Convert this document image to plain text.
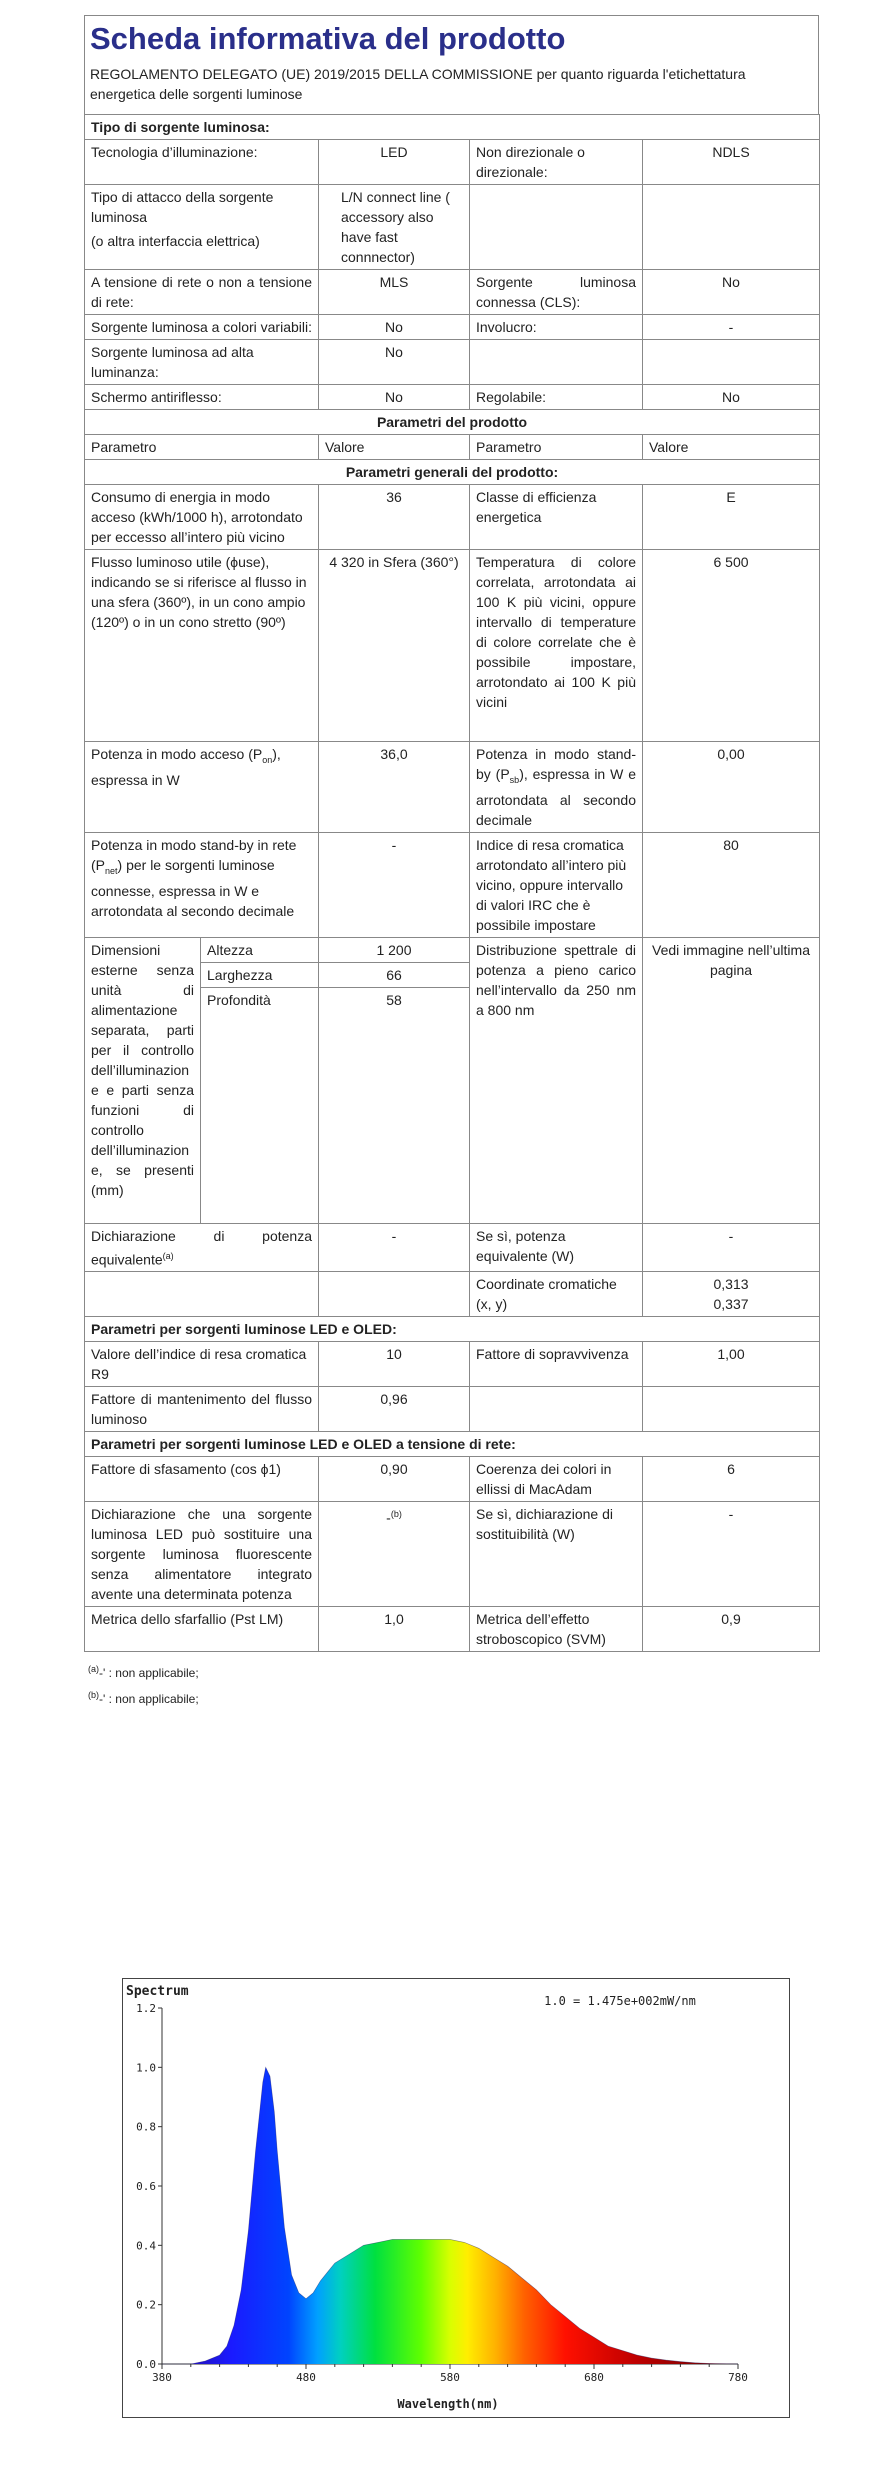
Scheda informativa del prodotto
REGOLAMENTO DELEGATO (UE) 2019/2015 DELLA COMMISSIONE per quanto riguarda l'etichettatura energetica delle sorgenti luminose
Tipo di sorgente luminosa:				
Tecnologia d’illuminazione:		LED	Non direzionale o direzionale:	NDLS

Tipo di attacco della sorgente luminosa
(o altra interfaccia elettrica)		L/N connect line ( accessory also have fast connnector)		
A tensione di rete o non a tensione di rete:		MLS	Sorgente luminosa connessa (CLS):	No
Sorgente luminosa a colori variabili:		No	Involucro:	-
Sorgente luminosa ad alta luminanza:		No		
Schermo antiriflesso:		No	Regolabile:	No
Parametri del prodotto				
Parametro		Valore	Parametro	Valore
Parametri generali del prodotto:				
Consumo di energia in modo acceso (kWh/1000 h), arrotondato per eccesso all’intero più vicino		36	Classe di efficienza energetica	E
Flusso luminoso utile (ϕuse), indicando se si riferisce al flusso in una sfera (360º), in un cono ampio (120º) o in un cono stretto (90º)		4 320 in Sfera (360°)	Temperatura di colore correlata, arrotondata ai 100 K più vicini, oppure intervallo di temperature di colore correlate che è possibile impostare, arrotondato ai 100 K più vicini	6 500
Potenza in modo acceso $(P_{on})$, espressa in W		36,0	Potenza in modo stand-by $(P_{sb})$, espressa in W e arrotondata al secondo decimale	0,00
Potenza in modo stand-by in rete $(P_{net})$ per le sorgenti luminose connesse, espressa in W e arrotondata al secondo decimale		-	Indice di resa cromatica arrotondato all’intero più vicino, oppure intervallo di valori IRC che è possibile impostare	80
Dimensioni esterne senza unità di alimentazione separata, parti per il controllo dell’illuminazione e parti senza funzioni di controllo dell’illuminazione, se presenti (mm)	Altezza	1 200	Distribuzione spettrale di potenza a pieno carico nell’intervallo da 250 nm a 800 nm	Vedi immagine nell’ultima pagina
	Larghezza	66		
	Profondità	58		
Dichiarazione di potenza equivalente$^{(a)}$		-	Se sì, potenza equivalente (W)	-
			Coordinate cromatiche (x, y)	0,313
0,337

Parametri per sorgenti luminose LED e OLED:				
Valore dell’indice di resa cromatica R9		10	Fattore di sopravvivenza	1,00
Fattore di mantenimento del flusso luminoso		0,96		
Parametri per sorgenti luminose LED e OLED a tensione di rete:				
Fattore di sfasamento (cos ϕ1)		0,90	Coerenza dei colori in ellissi di MacAdam	6
Dichiarazione che una sorgente luminosa LED può sostituire una sorgente luminosa fluorescente senza alimentatore integrato avente una determinata potenza		-$^{(b)}$	Se sì, dichiarazione di sostituibilità (W)	-
Metrica dello sfarfallio (Pst LM)		1,0	Metrica dell’effetto stroboscopico (SVM)	0,9
$^{(a)}$-' : non applicabile;
$^{(b)}$-' : non applicabile;
0.0
0.2
0.4
0.6
0.8
1.0
1.2
380	480	580	680	780
Spectrum
1.0 = 1.475e+002mW/nm
Wavelength(nm)
